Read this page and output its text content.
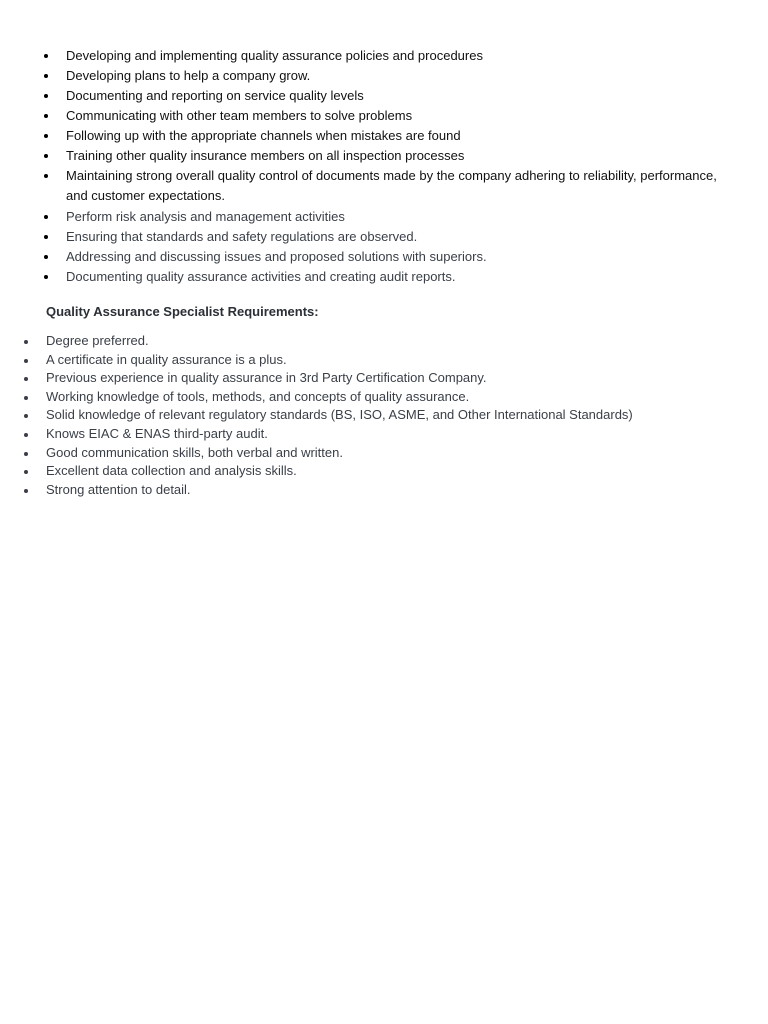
Developing and implementing quality assurance policies and procedures
Developing plans to help a company grow.
Documenting and reporting on service quality levels
Communicating with other team members to solve problems
Following up with the appropriate channels when mistakes are found
Training other quality insurance members on all inspection processes
Maintaining strong overall quality control of documents made by the company adhering to reliability, performance, and customer expectations.
Perform risk analysis and management activities
Ensuring that standards and safety regulations are observed.
Addressing and discussing issues and proposed solutions with superiors.
Documenting quality assurance activities and creating audit reports.
Quality Assurance Specialist Requirements:
Degree preferred.
A certificate in quality assurance is a plus.
Previous experience in quality assurance in 3rd Party Certification Company.
Working knowledge of tools, methods, and concepts of quality assurance.
Solid knowledge of relevant regulatory standards (BS, ISO, ASME, and Other International Standards)
Knows EIAC & ENAS third-party audit.
Good communication skills, both verbal and written.
Excellent data collection and analysis skills.
Strong attention to detail.
